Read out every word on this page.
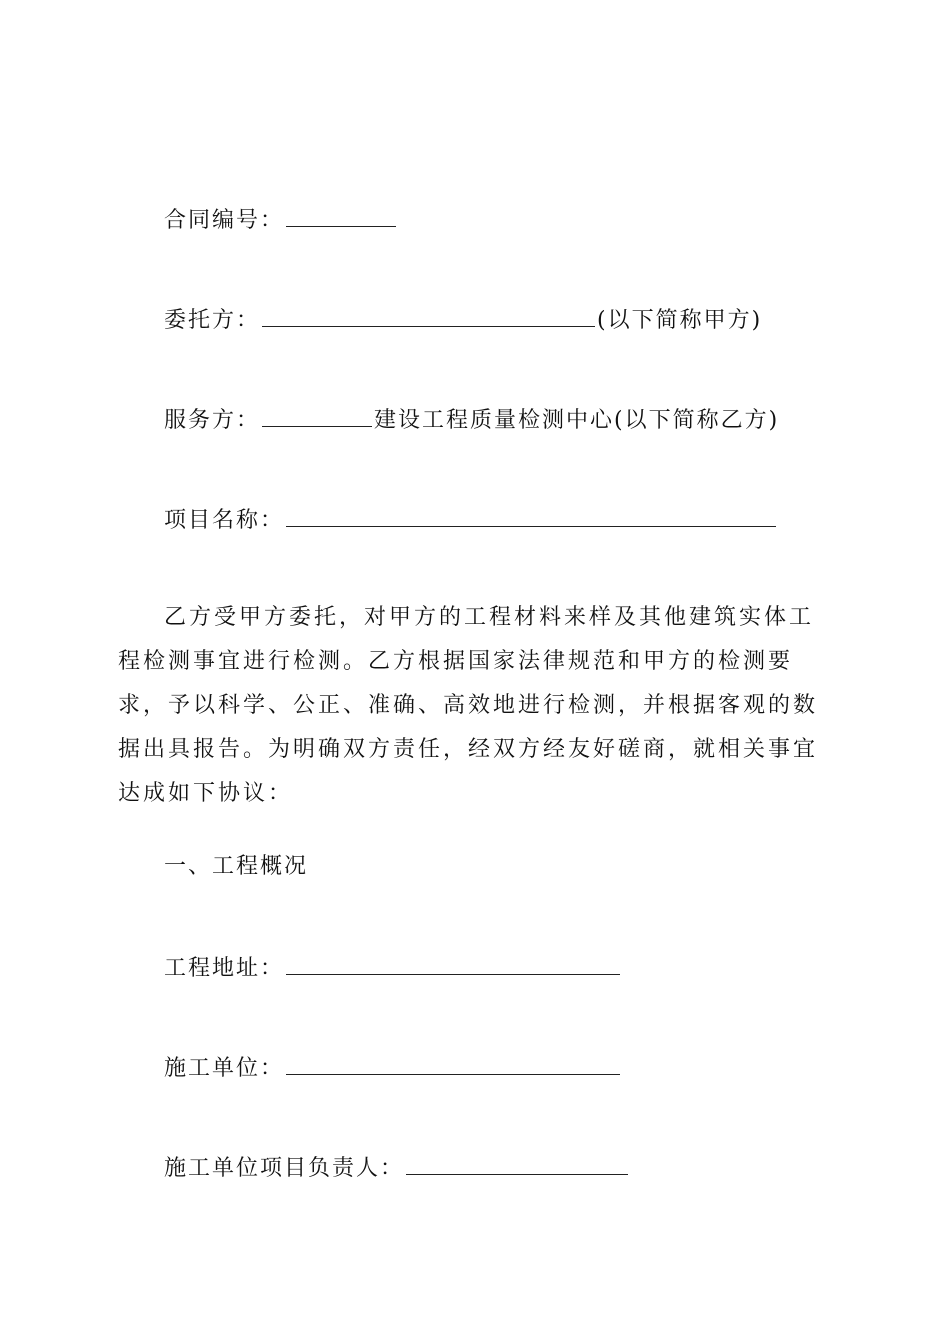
合同编号：
委托方：	(以下简称甲方)
服务方：	建设工程质量检测中心(以下简称乙方)
项目名称：

乙方受甲方委托，对甲方的工程材料来样及其他建筑实体工程检测事宜进行检测。乙方根据国家法律规范和甲方的检测要求，予以科学、公正、准确、高效地进行检测，并根据客观的数据出具报告。为明确双方责任，经双方经友好磋商，就相关事宜达成如下协议：

一、工程概况
工程地址：
施工单位：
施工单位项目负责人：
